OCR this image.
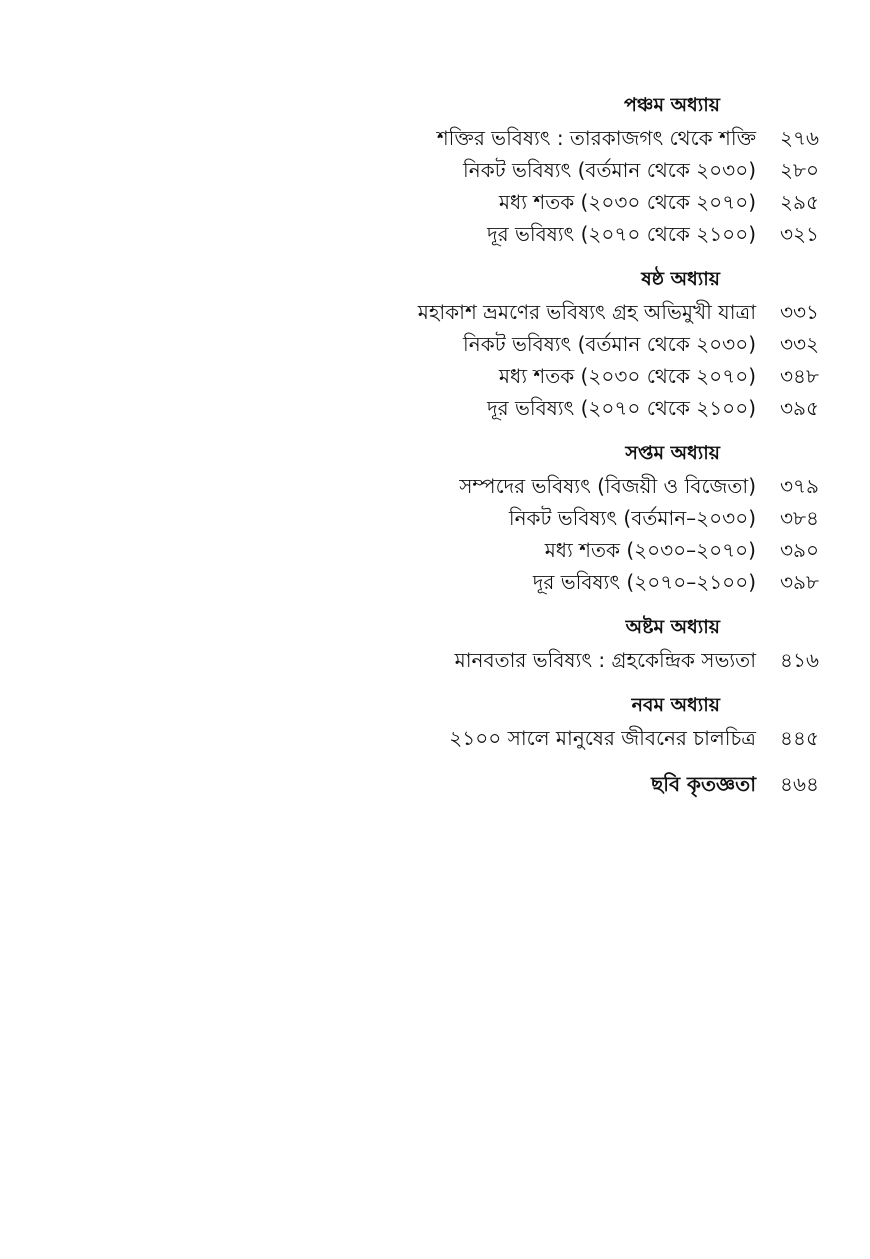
পঞ্চম অধ্যায়
শক্তির ভবিষ্যৎ : তারকাজগৎ থেকে শক্তি	২৭৬
নিকট ভবিষ্যৎ (বর্তমান থেকে ২০৩০)	২৮০
মধ্য শতক (২০৩০ থেকে ২০৭০)	২৯৫
দূর ভবিষ্যৎ (২০৭০ থেকে ২১০০)	৩২১
ষষ্ঠ অধ্যায়
মহাকাশ ভ্রমণের ভবিষ্যৎ গ্রহ অভিমুখী যাত্রা	৩৩১
নিকট ভবিষ্যৎ (বর্তমান থেকে ২০৩০)	৩৩২
মধ্য শতক (২০৩০ থেকে ২০৭০)	৩৪৮
দূর ভবিষ্যৎ (২০৭০ থেকে ২১০০)	৩৯৫
সপ্তম অধ্যায়
সম্পদের ভবিষ্যৎ (বিজয়ী ও বিজেতা)	৩৭৯
নিকট ভবিষ্যৎ (বর্তমান–২০৩০)	৩৮৪
মধ্য শতক (২০৩০–২০৭০)	৩৯০
দূর ভবিষ্যৎ (২০৭০–২১০০)	৩৯৮
অষ্টম অধ্যায়
মানবতার ভবিষ্যৎ : গ্রহকেন্দ্রিক সভ্যতা	৪১৬
নবম অধ্যায়
২১০০ সালে মানুষের জীবনের চালচিত্র	৪৪৫
ছবি কৃতজ্ঞতা	৪৬৪
